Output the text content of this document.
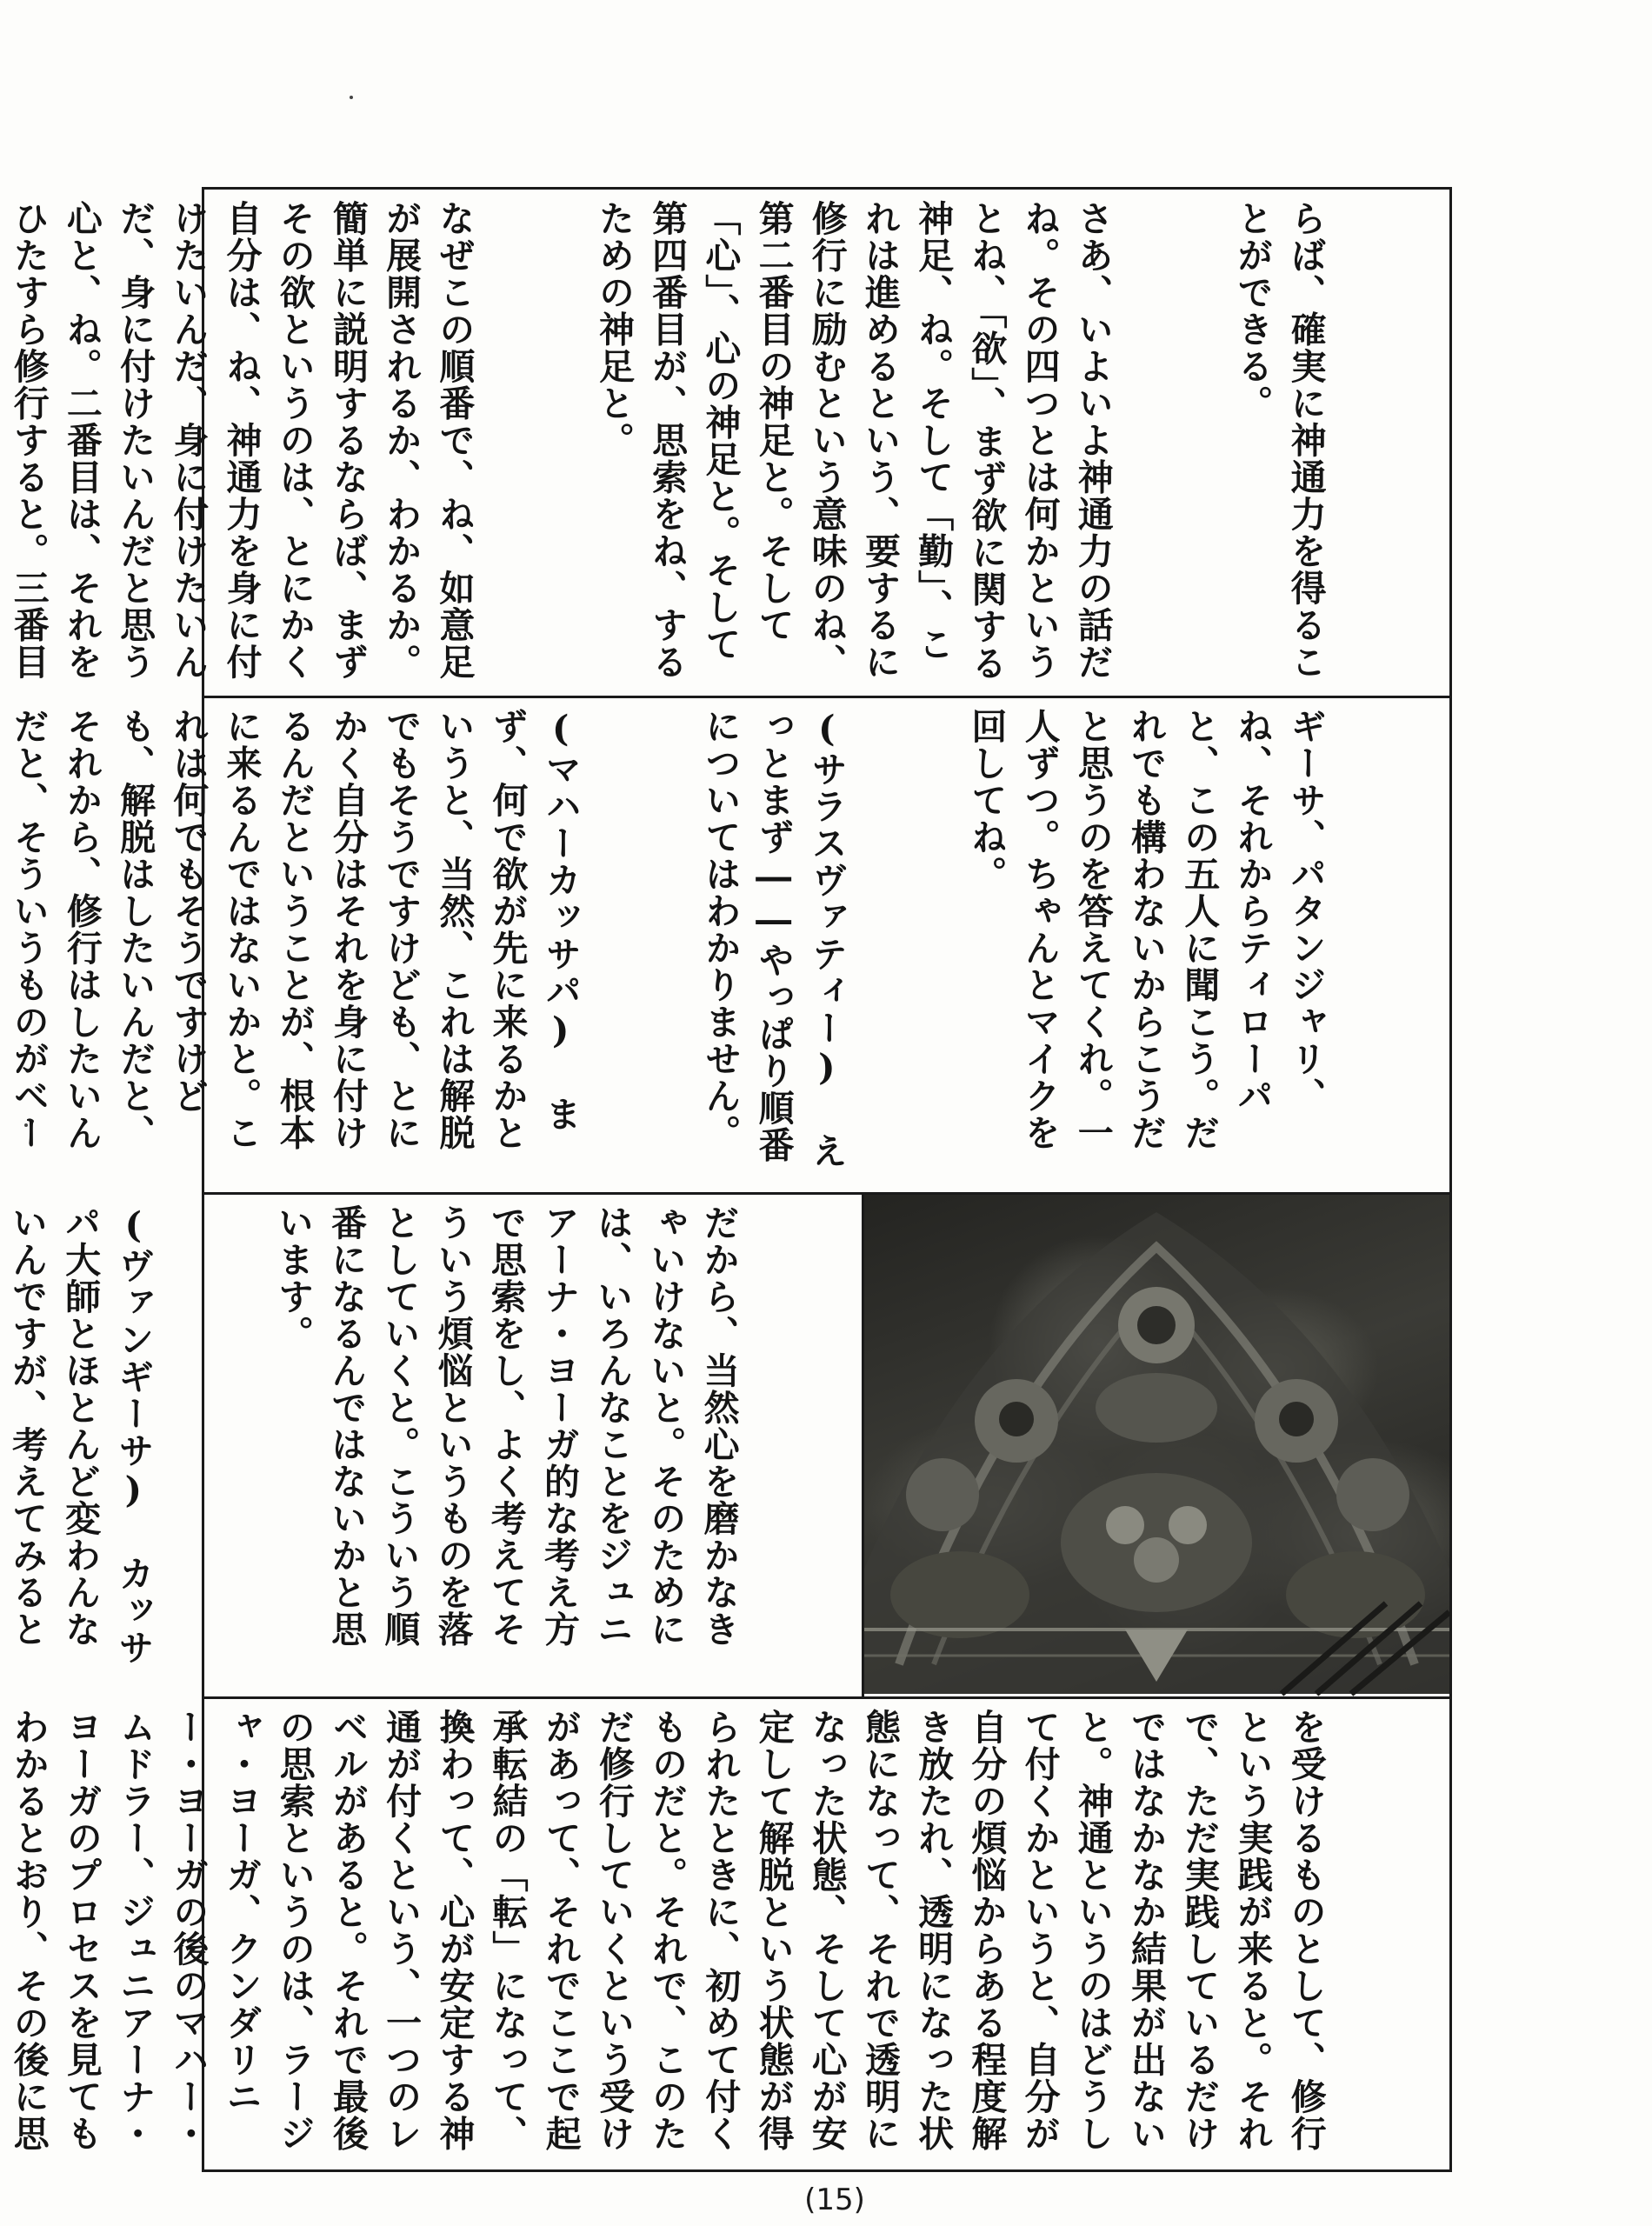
らば、確実に神通力を得ることができる。

さあ、いよいよ神通力の話だね。その四つとは何かというとね、「欲」、まず欲に関する神足、ね。そして「勤」、これは進めるという、要するに修行に励むという意味のね、第二番目の神足と。そして「心」、心の神足と。そして第四番目が、思索をね、するための神足と。

なぜこの順番で、ね、如意足が展開されるか、わかるか。簡単に説明するならば、まずその欲というのは、とにかく自分は、ね、神通力を身に付けたいんだ、身に付けたいんだ、身に付けたいんだと思う心と、ね。二番目は、それをひたすら修行すると。三番目

ギーサ、パタンジャリ、ね、それからティローパと、この五人に聞こう。だれでも構わないからこうだと思うのを答えてくれ。一人ずつ。ちゃんとマイクを回してね。

(サラスヴァティー) えっとまず――やっぱり順番についてはわかりません。

(マハーカッサパ) まず、何で欲が先に来るかというと、当然、これは解脱でもそうですけども、とにかく自分はそれを身に付けるんだということが、根本に来るんではないかと。これは何でもそうですけども、解脱はしたいんだと、それから、修行はしたいんだと、そういうものがベー

だから、当然心を磨かなきゃいけないと。そのためには、いろんなことをジュニアーナ・ヨーガ的な考え方で思索をし、よく考えてそういう煩悩というものを落としていくと。こういう順番になるんではないかと思います。

(ヴァンギーサ) カッサパ大師とほとんど変わんないんですが、考えてみると

を受けるものとして、修行という実践が来ると。それで、ただ実践しているだけではなかなか結果が出ないと。神通というのはどうして付くかというと、自分が自分の煩悩からある程度解き放たれ、透明になった状態になって、それで透明になった状態、そして心が安定して解脱という状態が得られたときに、初めて付くものだと。それで、このただ修行していくという受けがあって、それでここで起承転結の「転」になって、換わって、心が安定する神通が付くという、一つのレベルがあると。それで最後の思索というのは、ラージャ・ヨーガ、クンダリニー・ヨーガの後のマハー・ムドラー、ジュニアーナ・ヨーガのプロセスを見てもわかるとおり、その後に思

(15)
